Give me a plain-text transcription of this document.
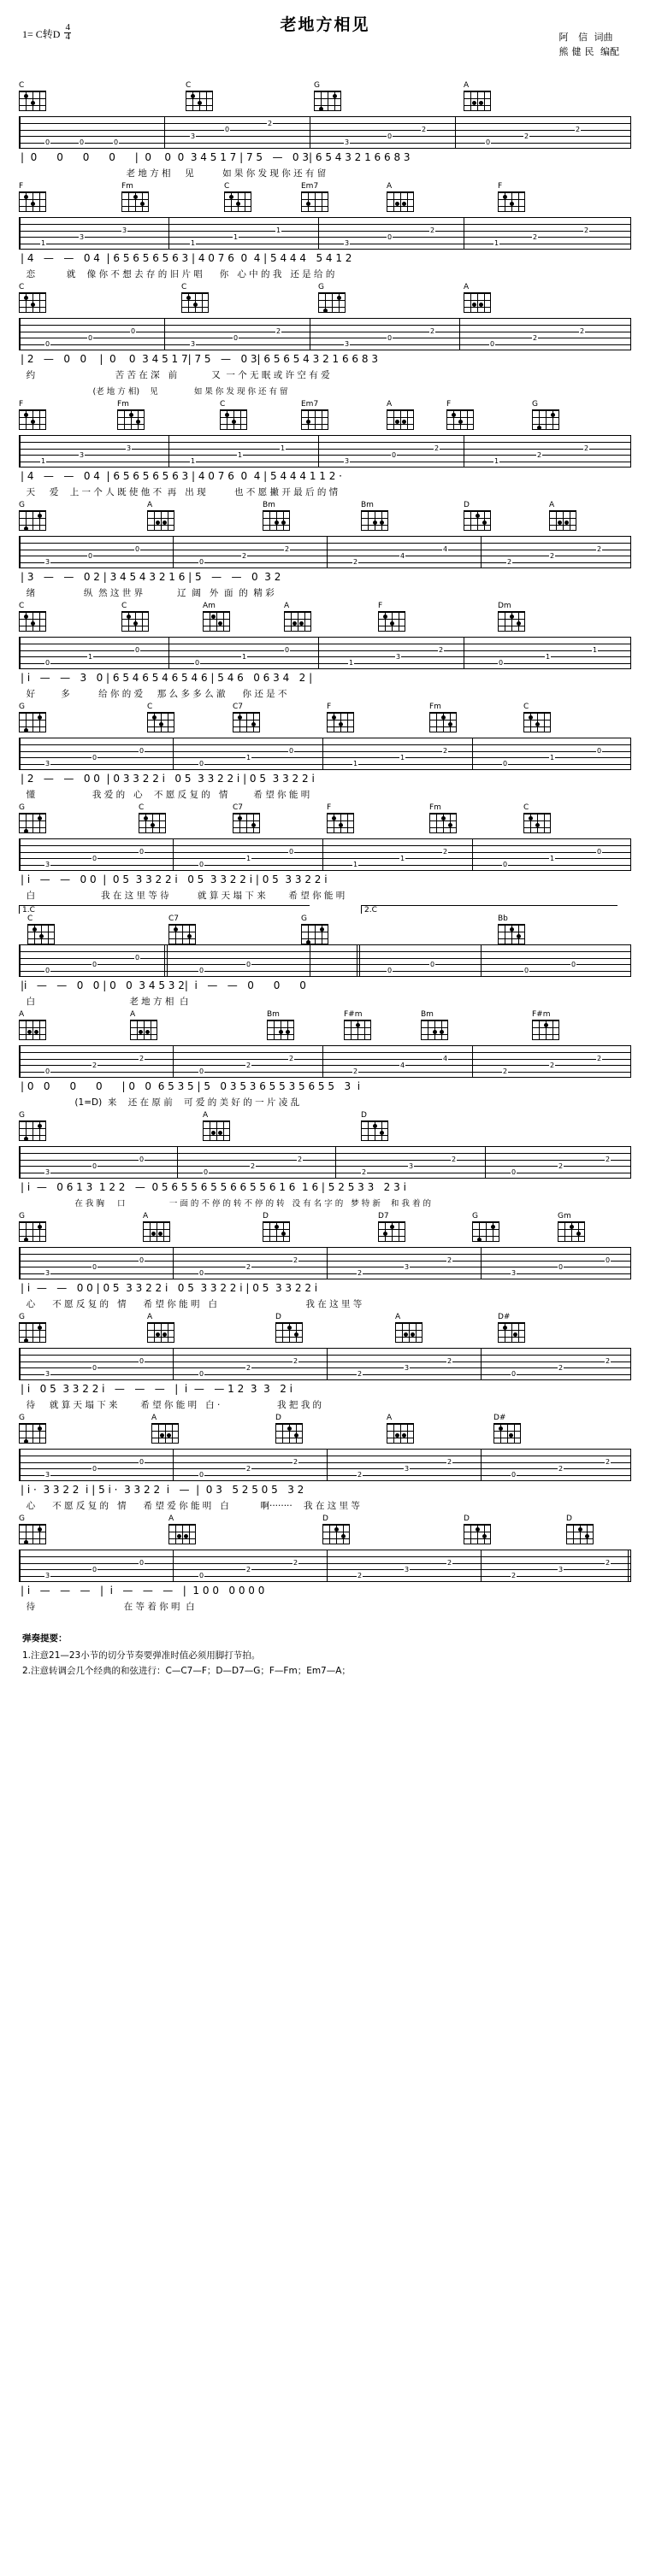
老地方相见
1= C转D $\frac{4}{4}$	阿 信 词曲
熊健民 编配
C	C	G	A
0	0	0
3
0
2
3
0
2
0
2
2
|  0      0      0      0      |  0    0  0  3 4 5 1 7 | 7 5   —   0 3| 6 5 4 3 2 1 6 6 8 3
老 地 方 相     见          如 果 你 发 现 你 还 有 留
F	Fm	C	Em7	A	F
1
3
3
1
1
1
3
0
2
1
2
2
| 4   —   —   0 4  | 6 5 6 5 6 5 6 3 | 4 0 7 6  0  4 | 5 4 4 4   5 4 1 2
恋           就    像 你 不 想 去 存 的 旧 片 唱      你   心 中 的 我   还 是 给 的
C	C	G	A
0
0
0
3
0
2
3
0
2
0
2
2
| 2   —   0   0    |  0    0  3 4 5 1 7| 7 5   —   0 3| 6 5 6 5 4 3 2 1 6 6 8 3
约                            苦 苦 在 深   前            又  一 个 无 眠 或 许 空 有 爱
(老 地 方 相)    见              如 果 你 发 现 你 还 有 留
F	Fm	C	Em7	A	F	G
1
3
3
1
1
1
3
0
2
1
2
2
| 4   —   —   0 4  | 6 5 6 5 6 5 6 3 | 4 0 7 6  0  4 | 5 4 4 4 1 1 2 ·
天     爱    上 一 个 人 既 使 他 不  再   出 现          也 不 愿 撇 开 最 后 的 情
G	A	Bm	Bm	D	A
3
0
0
0
2
2
2
4
4
2
2
2
| 3   —   —   0 2 | 3 4 5 4 3 2 1 6 | 5   —   —   0  3 2
绪                 纵  然 这 世 界            辽  阔   外  面  的  精 彩
C	C	Am	A	F	Dm
0
1
0
0
1
0
1
3
2
0
1
1
| i   —   —   3   0 | 6 5 4 6 5 4 6 5 4 6 | 5 4 6   0 6 3 4   2 |
好         多          给 你 的 爱     那 么 多 多 么 澈      你 还 是 不
G	C	C7	F	Fm	C
3
0
0
0
1
0
1
1
2
0
1
0
| 2   —   —   0 0  | 0 3 3 2 2 i   0 5  3 3 2 2 i | 0 5  3 3 2 2 i
懂                    我 爱 的   心    不 愿 反 复 的   情         希 望 你 能 明
G	C	C7	F	Fm	C
3
0
0
0
1
0
1
1
2
0
1
0
| i   —   —   0 0  |  0 5  3 3 2 2 i   0 5  3 3 2 2 i | 0 5  3 3 2 2 i
白                       我 在 这 里 等 待          就 算 天 塌 下 来        希 望 你 能 明
1.C	2.C
C	C7	G	Bb
0
0
0
0
0
0
0
0
0
|i   —   —   0   0 | 0   0  3 4 5 3 2|  i   —   —   0      0      0
白                                 老 地 方 相  白
A	A	Bm	F#m	Bm	F#m
0
2
2
0
2
2
2
4
4
2
2
2
| 0   0      0      0      | 0   0  6 5 3 5 | 5   0 3 5 3 6 5 5 3 5 6 5 5   3  i
(1=D)  来    还 在 原 前    可 爱 的 美 好 的 一 片 凌 乱
G	A	D
3
0
0
0
2
2
2
3
2
0
2
2
| i  —   0 6 1 3  1 2 2   —  0 5 6 5 5 6 5 5 6 6 5 5 6 1 6  1 6 | 5 2 5 3 3   2 3 i
在 我 胸     口                 一 面 的 不 停 的 转 不 停 的 转   没 有 名 字 的   梦 特 新    和 我 着 的
G	A	D	D7	G	Gm
3
0
0
0
2
2
2
3
2
3
0
0
| i  —   —   0 0 | 0 5  3 3 2 2 i   0 5  3 3 2 2 i | 0 5  3 3 2 2 i
心      不 愿 反 复 的   情      希 望 你 能 明   白                               我 在 这 里 等
G	A	D	A	D#
3
0
0
0
2
2
2
3
2
0
2
2
| i   0 5  3 3 2 2 i   —   —   —   |  i  —   — 1 2  3  3   2 i
待     就 算 天 塌 下 来        希 望 你 能 明   白 ·                    我 把 我 的
G	A	D	A	D#
3
0
0
0
2
2
2
3
2
0
2
2
| i ·  3 3 2 2  i | 5 i ·  3 3 2 2  i   —  |  0 3   5 2 5 0 5   3 2
心      不 愿 反 复 的   情      希 望 爱 你 能 明   白           啊········    我 在 这 里 等
G	A	D	D	D
3
0
0
0
2
2
2
3
2
2
3
2
| i   —   —   —   |  i   —   —   —   |  1 0 0   0 0 0 0
待                               在 等 着 你 明  白
弹奏提要：
1.注意21—23小节的切分节奏要弹准时值必须用脚打节拍。
2.注意转调会几个经典的和弦进行：C—C7—F；D—D7—G；F—Fm；Em7—A；
